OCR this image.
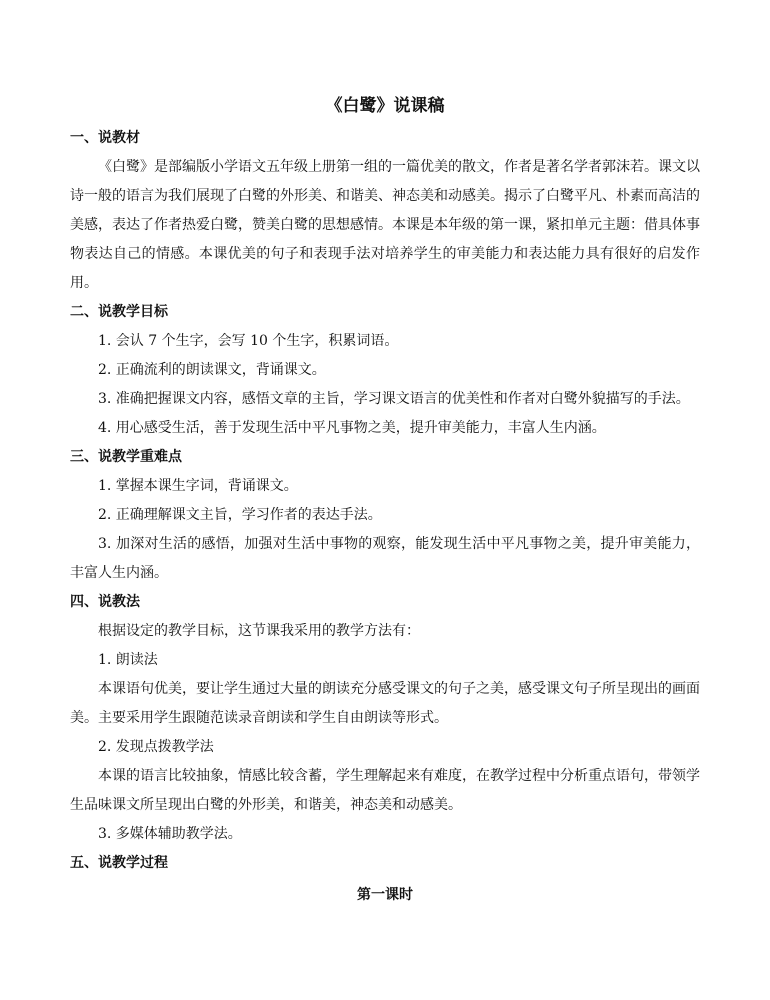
《白鹭》说课稿
一、说教材

《白鹭》是部编版小学语文五年级上册第一组的一篇优美的散文，作者是著名学者郭沫若。课文以诗一般的语言为我们展现了白鹭的外形美、和谐美、神态美和动感美。揭示了白鹭平凡、朴素而高洁的美感，表达了作者热爱白鹭，赞美白鹭的思想感情。本课是本年级的第一课，紧扣单元主题：借具体事物表达自己的情感。本课优美的句子和表现手法对培养学生的审美能力和表达能力具有很好的启发作用。

二、说教学目标

1. 会认 7 个生字，会写 10 个生字，积累词语。

2. 正确流利的朗读课文，背诵课文。

3. 准确把握课文内容，感悟文章的主旨，学习课文语言的优美性和作者对白鹭外貌描写的手法。

4. 用心感受生活，善于发现生活中平凡事物之美，提升审美能力，丰富人生内涵。

三、说教学重难点

1. 掌握本课生字词，背诵课文。

2. 正确理解课文主旨，学习作者的表达手法。

3. 加深对生活的感悟，加强对生活中事物的观察，能发现生活中平凡事物之美，提升审美能力，丰富人生内涵。

四、说教法

根据设定的教学目标，这节课我采用的教学方法有：

1. 朗读法

本课语句优美，要让学生通过大量的朗读充分感受课文的句子之美，感受课文句子所呈现出的画面美。主要采用学生跟随范读录音朗读和学生自由朗读等形式。

2. 发现点拨教学法

本课的语言比较抽象，情感比较含蓄，学生理解起来有难度，在教学过程中分析重点语句，带领学生品味课文所呈现出白鹭的外形美，和谐美，神态美和动感美。

3. 多媒体辅助教学法。

五、说教学过程
第一课时
